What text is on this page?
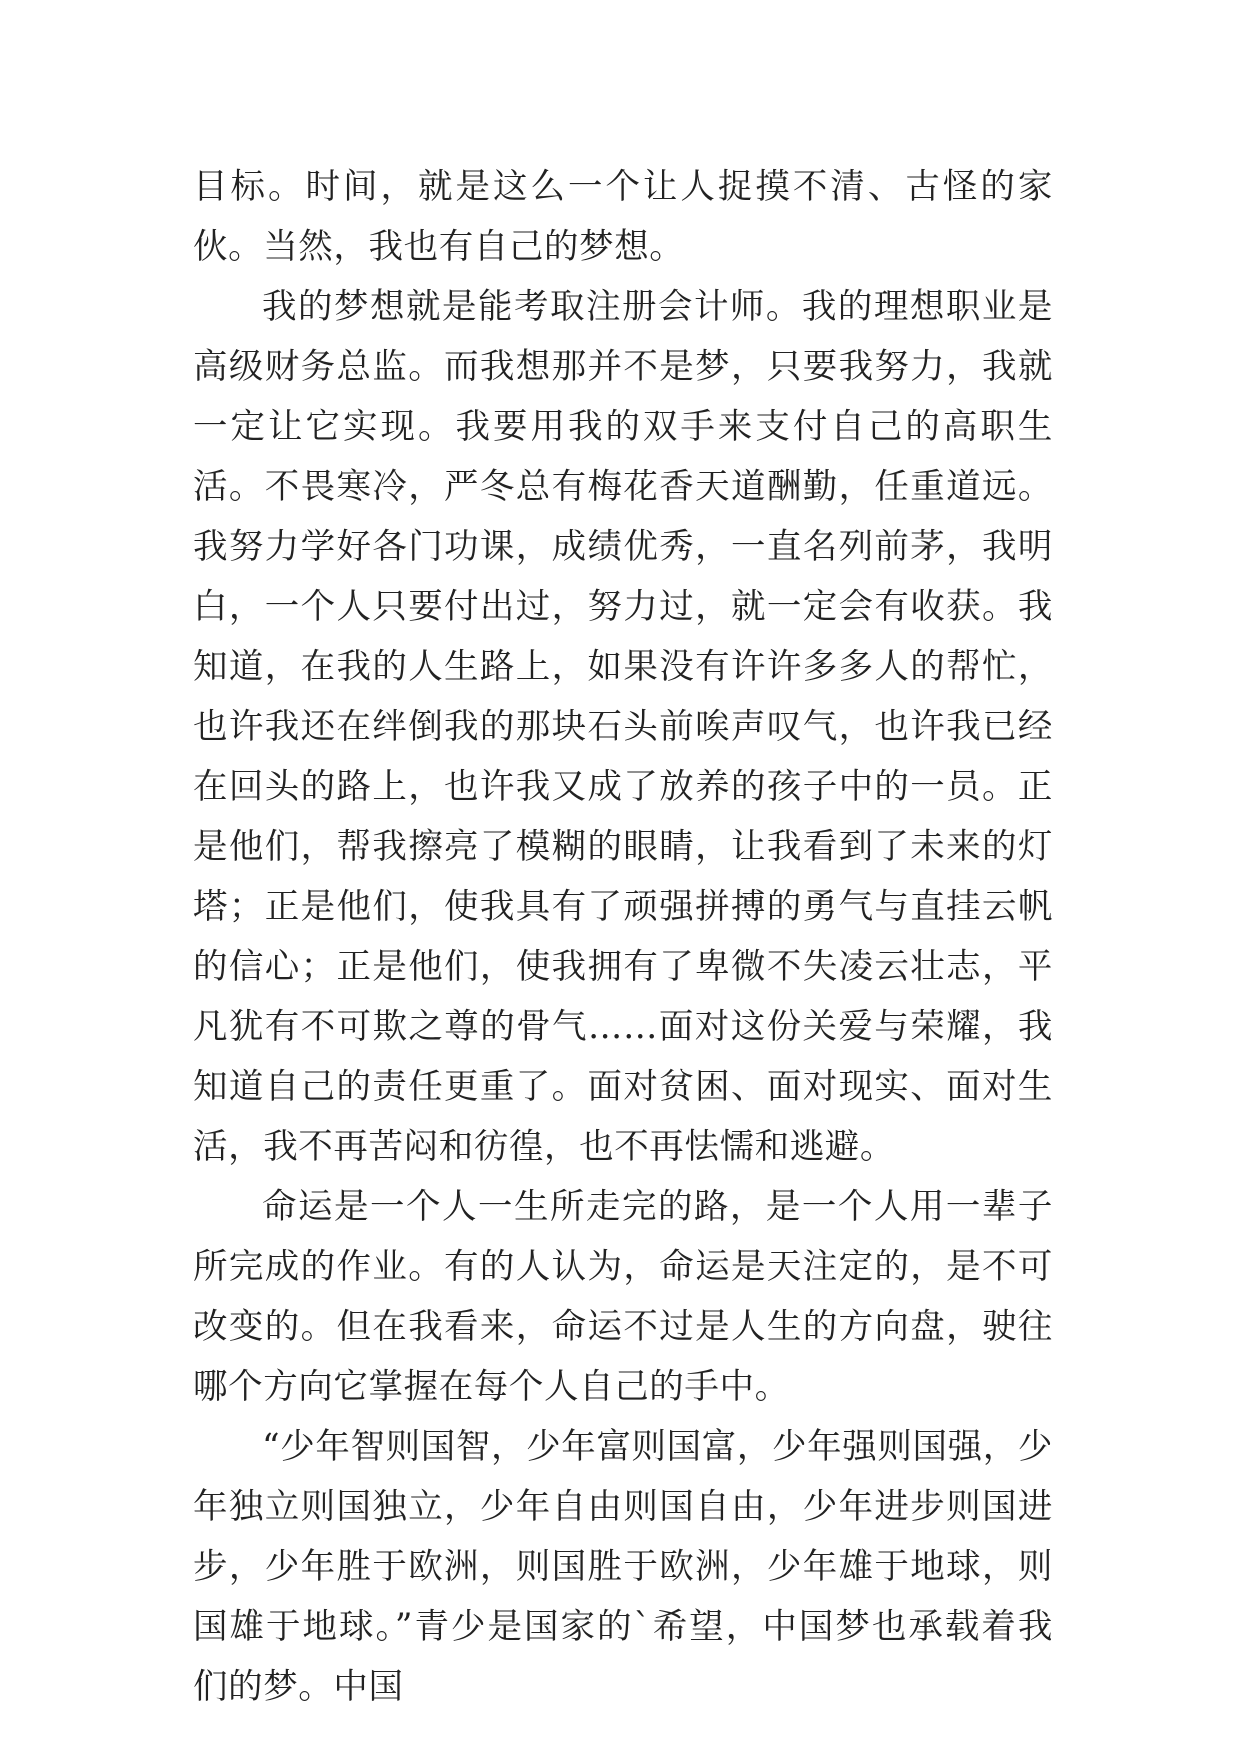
目标。时间，就是这么一个让人捉摸不清、古怪的家伙。当然，我也有自己的梦想。

我的梦想就是能考取注册会计师。我的理想职业是高级财务总监。而我想那并不是梦，只要我努力，我就一定让它实现。我要用我的双手来支付自己的高职生活。不畏寒冷，严冬总有梅花香天道酬勤，任重道远。我努力学好各门功课，成绩优秀，一直名列前茅，我明白，一个人只要付出过，努力过，就一定会有收获。我知道，在我的人生路上，如果没有许许多多人的帮忙，也许我还在绊倒我的那块石头前唉声叹气，也许我已经在回头的路上，也许我又成了放养的孩子中的一员。正是他们，帮我擦亮了模糊的眼睛，让我看到了未来的灯塔；正是他们，使我具有了顽强拼搏的勇气与直挂云帆的信心；正是他们，使我拥有了卑微不失凌云壮志，平凡犹有不可欺之尊的骨气……面对这份关爱与荣耀，我知道自己的责任更重了。面对贫困、面对现实、面对生活，我不再苦闷和彷徨，也不再怯懦和逃避。

命运是一个人一生所走完的路，是一个人用一辈子所完成的作业。有的人认为，命运是天注定的，是不可改变的。但在我看来，命运不过是人生的方向盘，驶往哪个方向它掌握在每个人自己的手中。

“少年智则国智，少年富则国富，少年强则国强，少年独立则国独立，少年自由则国自由，少年进步则国进步，少年胜于欧洲，则国胜于欧洲，少年雄于地球，则国雄于地球。”青少是国家的`希望，中国梦也承载着我们的梦。中国
